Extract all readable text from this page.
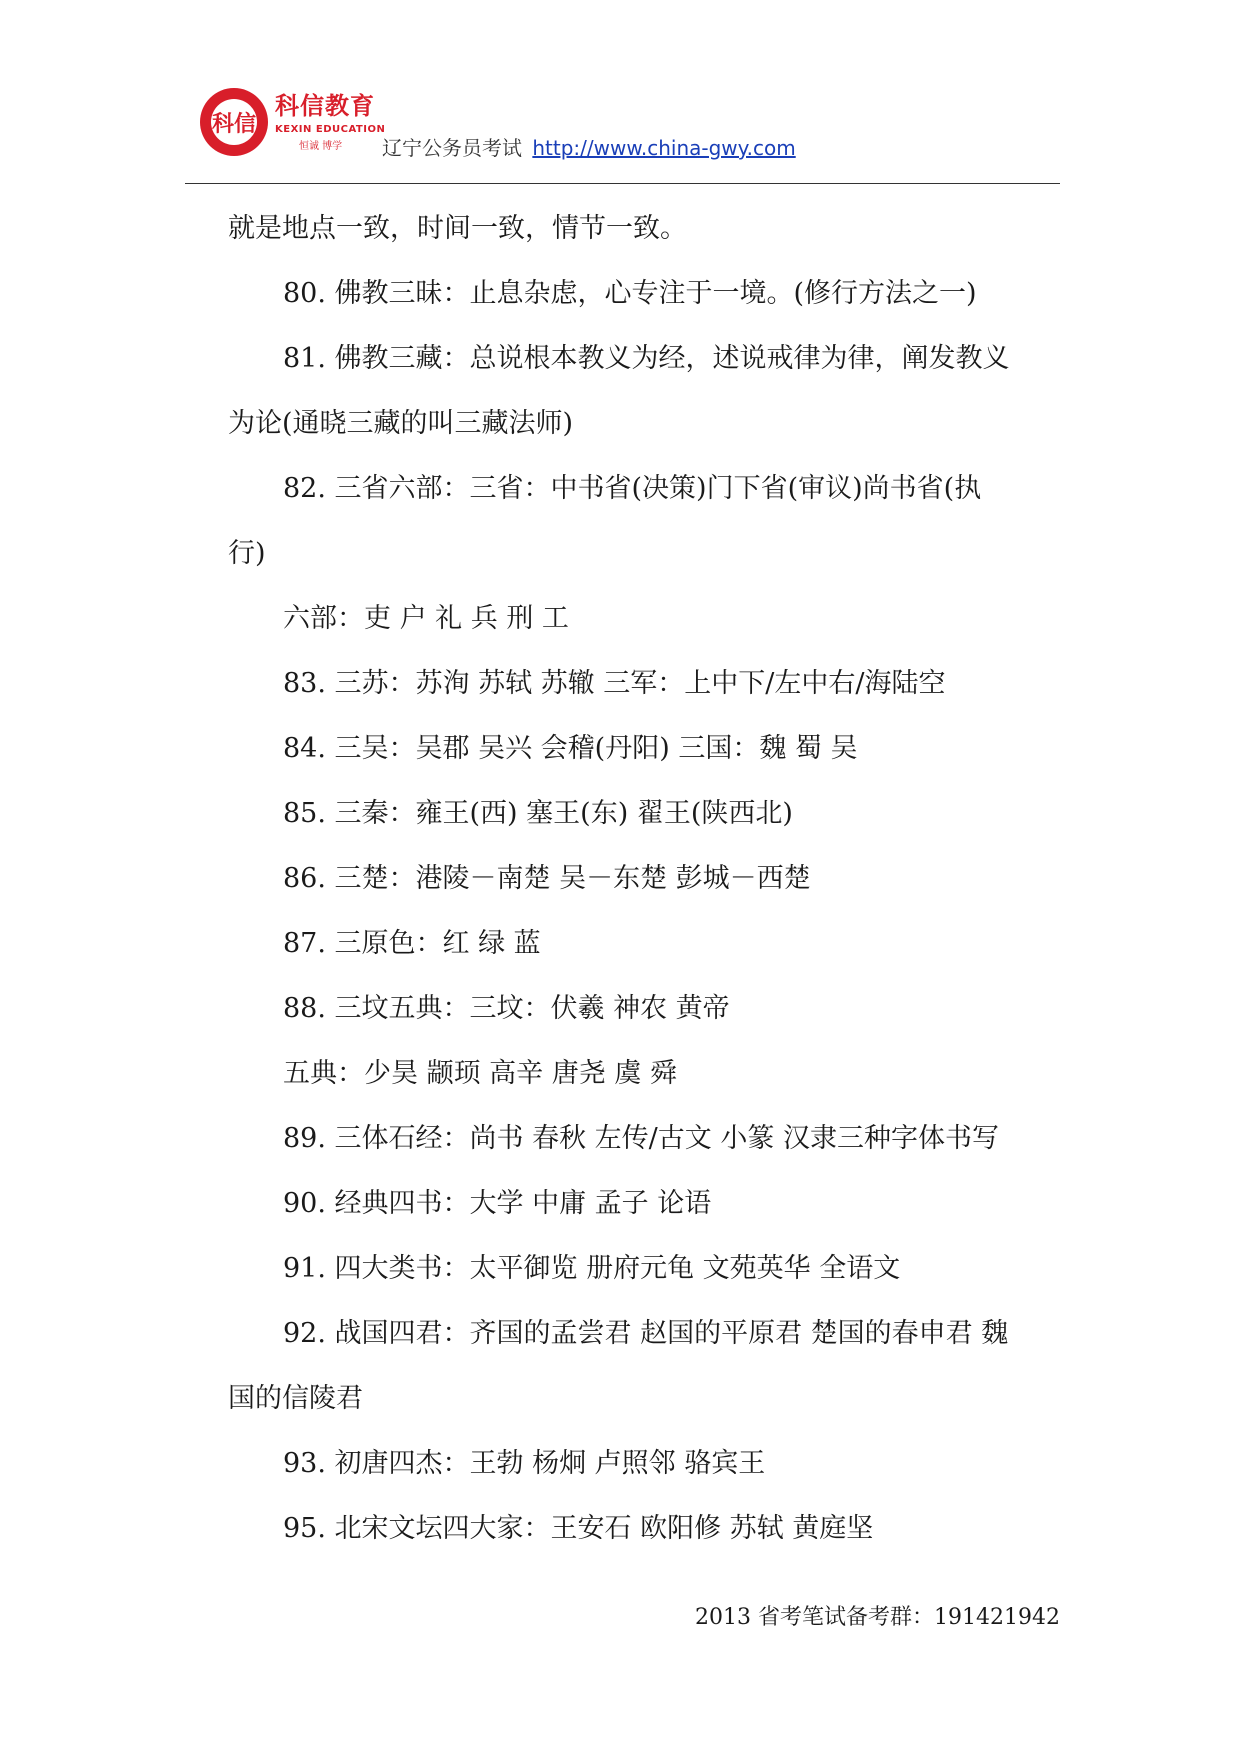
科信
科信教育
KEXIN EDUCATION
恒诚 博学	辽宁公务员考试 http://www.china-gwy.com

就是地点一致，时间一致，情节一致。

80. 佛教三昧：止息杂虑，心专注于一境。(修行方法之一)

81. 佛教三藏：总说根本教义为经，述说戒律为律，阐发教义

为论(通晓三藏的叫三藏法师)

82. 三省六部：三省：中书省(决策)门下省(审议)尚书省(执

行)

六部：吏 户 礼 兵 刑 工

83. 三苏：苏洵 苏轼 苏辙 三军：上中下/左中右/海陆空

84. 三吴：吴郡 吴兴 会稽(丹阳) 三国：魏 蜀 吴

85. 三秦：雍王(西) 塞王(东) 翟王(陕西北)

86. 三楚：港陵－南楚 吴－东楚 彭城－西楚

87. 三原色：红 绿 蓝

88. 三坟五典：三坟：伏羲 神农 黄帝

五典：少昊 颛顼 高辛 唐尧 虞 舜

89. 三体石经：尚书 春秋 左传/古文 小篆 汉隶三种字体书写

90. 经典四书：大学 中庸 孟子 论语

91. 四大类书：太平御览 册府元龟 文苑英华 全语文

92. 战国四君：齐国的孟尝君 赵国的平原君 楚国的春申君 魏

国的信陵君

93. 初唐四杰：王勃 杨炯 卢照邻 骆宾王

95. 北宋文坛四大家：王安石 欧阳修 苏轼 黄庭坚

2013 省考笔试备考群：191421942
